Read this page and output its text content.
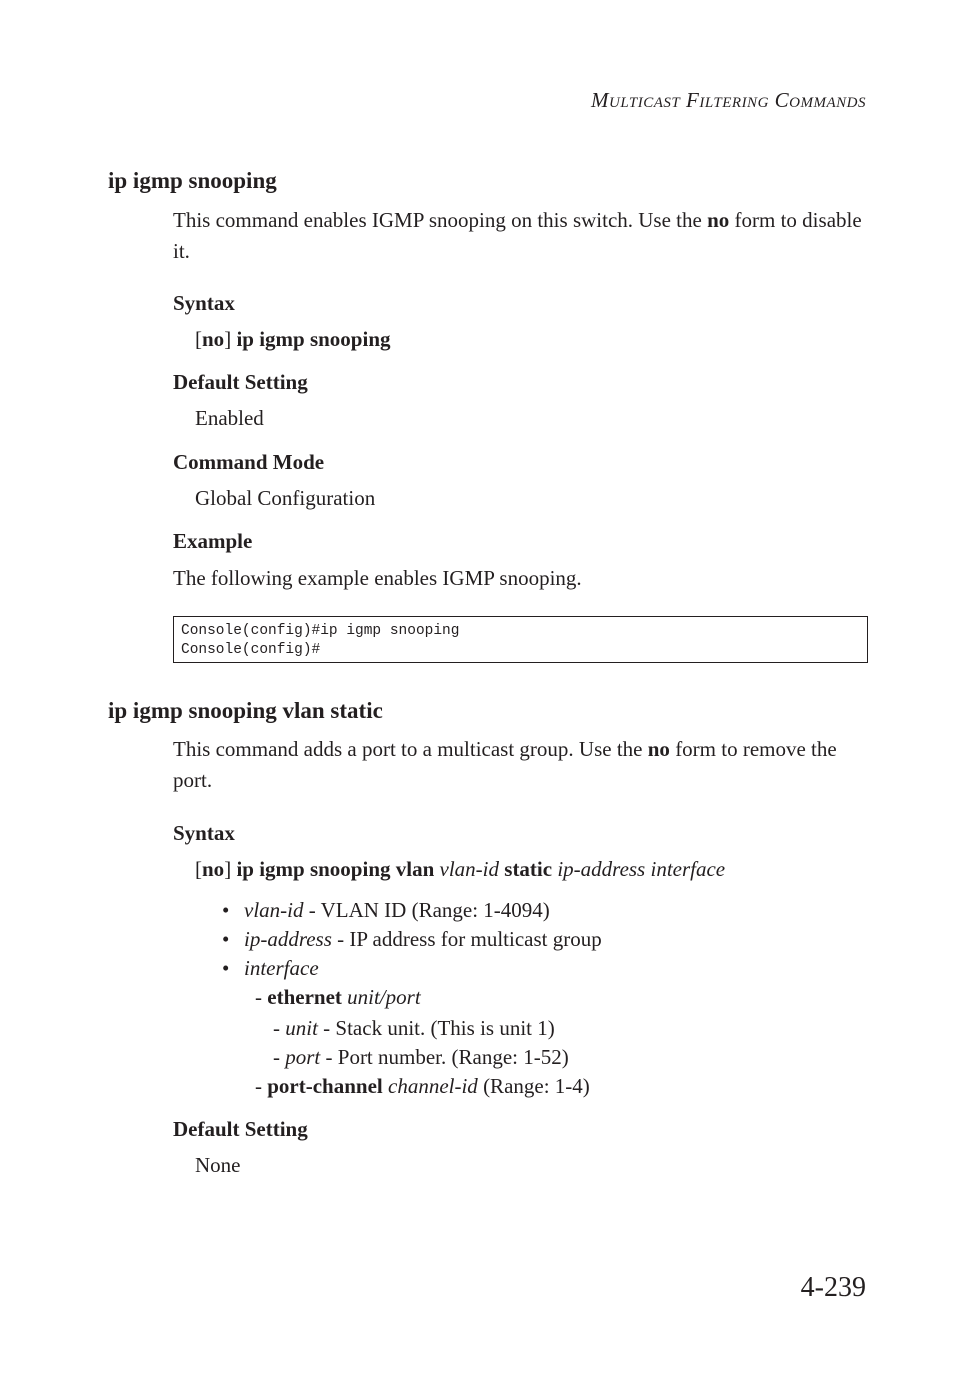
MULTICAST FILTERING COMMANDS
ip igmp snooping
This command enables IGMP snooping on this switch. Use the no form to disable it.
Syntax
[no] ip igmp snooping
Default Setting
Enabled
Command Mode
Global Configuration
Example
The following example enables IGMP snooping.
Console(config)#ip igmp snooping
Console(config)#
ip igmp snooping vlan static
This command adds a port to a multicast group. Use the no form to remove the port.
Syntax
[no] ip igmp snooping vlan vlan-id static ip-address interface
• vlan-id - VLAN ID (Range: 1-4094)
• ip-address - IP address for multicast group
• interface
- ethernet unit/port
- unit - Stack unit. (This is unit 1)
- port - Port number. (Range: 1-52)
- port-channel channel-id (Range: 1-4)
Default Setting
None
4-239
